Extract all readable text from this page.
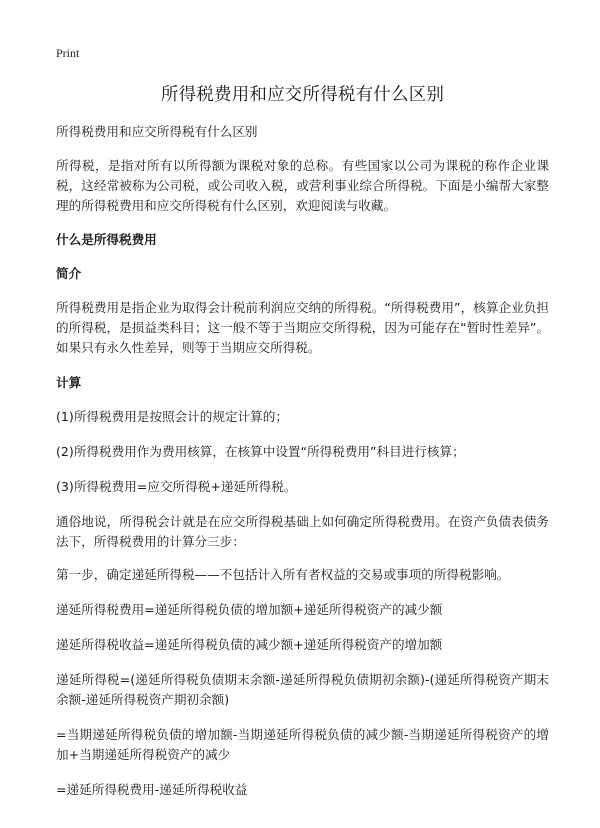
Print
所得税费用和应交所得税有什么区别

所得税费用和应交所得税有什么区别

所得税，是指对所有以所得额为课税对象的总称。有些国家以公司为课税的称作企业课税，这经常被称为公司税，或公司收入税，或营利事业综合所得税。下面是小编帮大家整理的所得税费用和应交所得税有什么区别，欢迎阅读与收藏。

什么是所得税费用

简介

所得税费用是指企业为取得会计税前利润应交纳的所得税。“所得税费用”，核算企业负担的所得税，是损益类科目；这一般不等于当期应交所得税，因为可能存在“暂时性差异”。如果只有永久性差异，则等于当期应交所得税。

计算

(1)所得税费用是按照会计的规定计算的；

(2)所得税费用作为费用核算，在核算中设置“所得税费用”科目进行核算；

(3)所得税费用=应交所得税+递延所得税。

通俗地说，所得税会计就是在应交所得税基础上如何确定所得税费用。在资产负债表债务法下，所得税费用的计算分三步：

第一步，确定递延所得税——不包括计入所有者权益的交易或事项的所得税影响。

递延所得税费用=递延所得税负债的增加额+递延所得税资产的减少额

递延所得税收益=递延所得税负债的减少额+递延所得税资产的增加额

递延所得税=(递延所得税负债期末余额-递延所得税负债期初余额)-(递延所得税资产期末余额-递延所得税资产期初余额)

=当期递延所得税负债的增加额-当期递延所得税负债的减少额-当期递延所得税资产的增加+当期递延所得税资产的减少

=递延所得税费用-递延所得税收益
